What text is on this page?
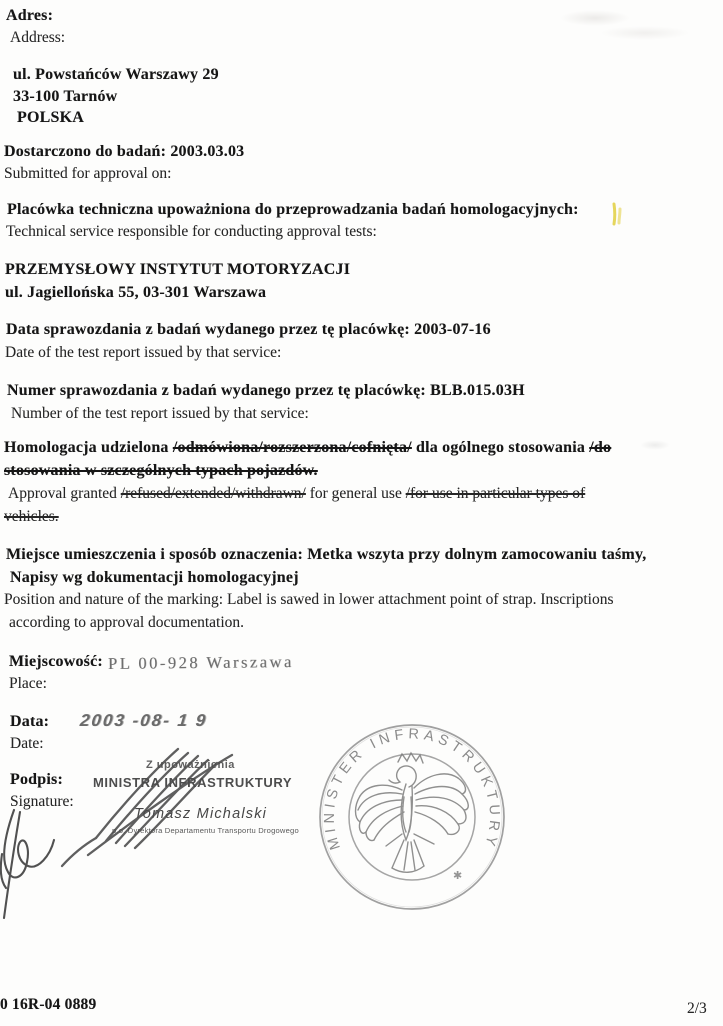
Adres:
Address:
ul. Powstańców Warszawy 29
33-100 Tarnów
POLSKA
Dostarczono do badań: 2003.03.03
Submitted for approval on:
Placówka techniczna upoważniona do przeprowadzania badań homologacyjnych:
Technical service responsible for conducting approval tests:
PRZEMYSŁOWY INSTYTUT MOTORYZACJI
ul. Jagiellońska 55, 03-301 Warszawa
Data sprawozdania z badań wydanego przez tę placówkę: 2003-07-16
Date of the test report issued by that service:
Numer sprawozdania z badań wydanego przez tę placówkę: BLB.015.03H
Number of the test report issued by that service:
Homologacja udzielona /odmówiona/rozszerzona/cofnięta/ dla ogólnego stosowania /do
stosowania w szczególnych typach pojazdów.
Approval granted /refused/extended/withdrawn/ for general use /for use in particular types of
vehicles.
Miejsce umieszczenia i sposób oznaczenia: Metka wszyta przy dolnym zamocowaniu taśmy,
Napisy wg dokumentacji homologacyjnej
Position and nature of the marking: Label is sawed in lower attachment point of strap. Inscriptions
according to approval documentation.
Miejscowość: PL 00-928 Warszawa
Place:
Data: 2003 -08- 1 9
Date:
Podpis:
Signature:
Z upoważnienia
MINISTRA INFRASTRUKTURY
Tomasz Michalski
p.o. Dyrektora Departamentu Transportu Drogowego
MINISTER INFRASTRUKTURY
✱
0 16R-04 0889	2/3
